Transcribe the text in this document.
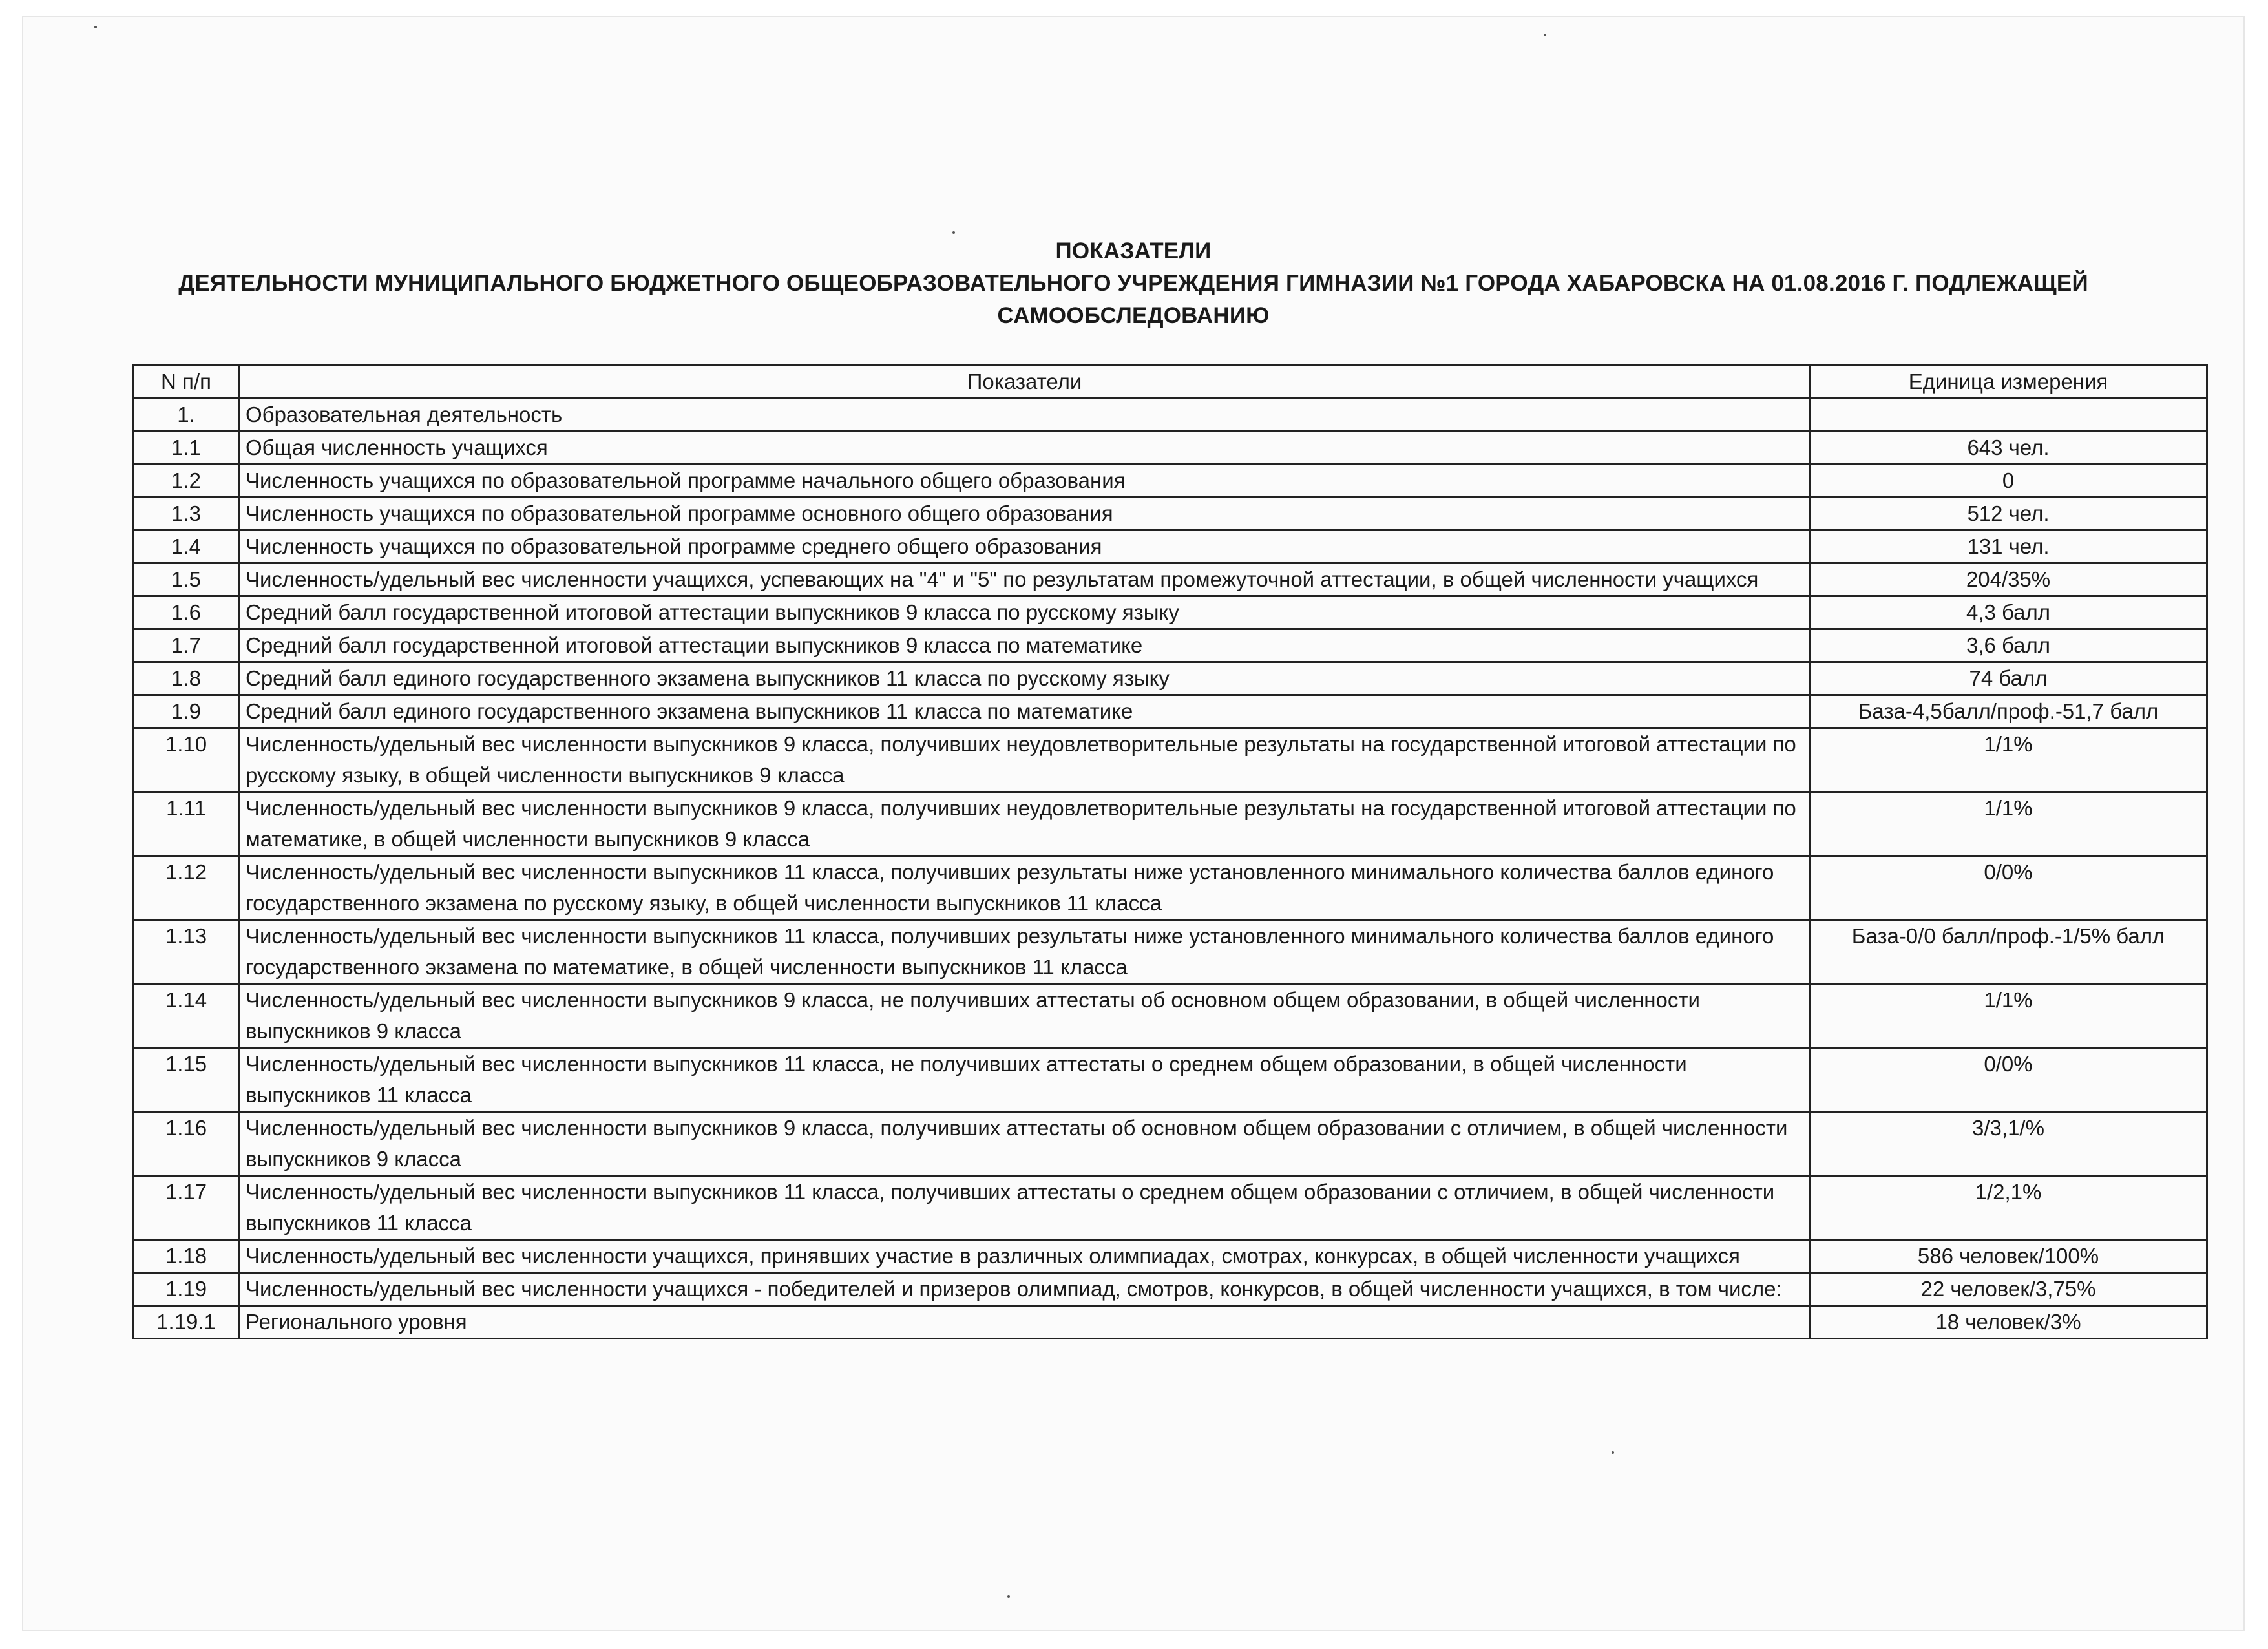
ПОКАЗАТЕЛИ
ДЕЯТЕЛЬНОСТИ МУНИЦИПАЛЬНОГО БЮДЖЕТНОГО ОБЩЕОБРАЗОВАТЕЛЬНОГО УЧРЕЖДЕНИЯ ГИМНАЗИИ №1 ГОРОДА ХАБАРОВСКА НА 01.08.2016 Г. ПОДЛЕЖАЩЕЙ
САМООБСЛЕДОВАНИЮ
N п/п	Показатели	Единица измерения
1.	Образовательная деятельность	
1.1	Общая численность учащихся	643 чел.
1.2	Численность учащихся по образовательной программе начального общего образования	0
1.3	Численность учащихся по образовательной программе основного общего образования	512 чел.
1.4	Численность учащихся по образовательной программе среднего общего образования	131 чел.
1.5	Численность/удельный вес численности учащихся, успевающих на "4" и "5" по результатам промежуточной аттестации, в общей численности учащихся	204/35%
1.6	Средний балл государственной итоговой аттестации выпускников 9 класса по русскому языку	4,3 балл
1.7	Средний балл государственной итоговой аттестации выпускников 9 класса по математике	3,6 балл
1.8	Средний балл единого государственного экзамена выпускников 11 класса по русскому языку	74 балл
1.9	Средний балл единого государственного экзамена выпускников 11 класса по математике	База-4,5балл/проф.-51,7 балл
1.10	Численность/удельный вес численности выпускников 9 класса, получивших неудовлетворительные результаты на государственной итоговой аттестации по русскому языку, в общей численности выпускников 9 класса	1/1%
1.11	Численность/удельный вес численности выпускников 9 класса, получивших неудовлетворительные результаты на государственной итоговой аттестации по математике, в общей численности выпускников 9 класса	1/1%
1.12	Численность/удельный вес численности выпускников 11 класса, получивших результаты ниже установленного минимального количества баллов единого государственного экзамена по русскому языку, в общей численности выпускников 11 класса	0/0%
1.13	Численность/удельный вес численности выпускников 11 класса, получивших результаты ниже установленного минимального количества баллов единого государственного экзамена по математике, в общей численности выпускников 11 класса	База-0/0 балл/проф.-1/5% балл
1.14	Численность/удельный вес численности выпускников 9 класса, не получивших аттестаты об основном общем образовании, в общей численности выпускников 9 класса	1/1%
1.15	Численность/удельный вес численности выпускников 11 класса, не получивших аттестаты о среднем общем образовании, в общей численности выпускников 11 класса	0/0%
1.16	Численность/удельный вес численности выпускников 9 класса, получивших аттестаты об основном общем образовании с отличием, в общей численности выпускников 9 класса	3/3,1/%
1.17	Численность/удельный вес численности выпускников 11 класса, получивших аттестаты о среднем общем образовании с отличием, в общей численности выпускников 11 класса	1/2,1%
1.18	Численность/удельный вес численности учащихся, принявших участие в различных олимпиадах, смотрах, конкурсах, в общей численности учащихся	586 человек/100%
1.19	Численность/удельный вес численности учащихся - победителей и призеров олимпиад, смотров, конкурсов, в общей численности учащихся, в том числе:	22 человек/3,75%
1.19.1	Регионального уровня	18 человек/3%
